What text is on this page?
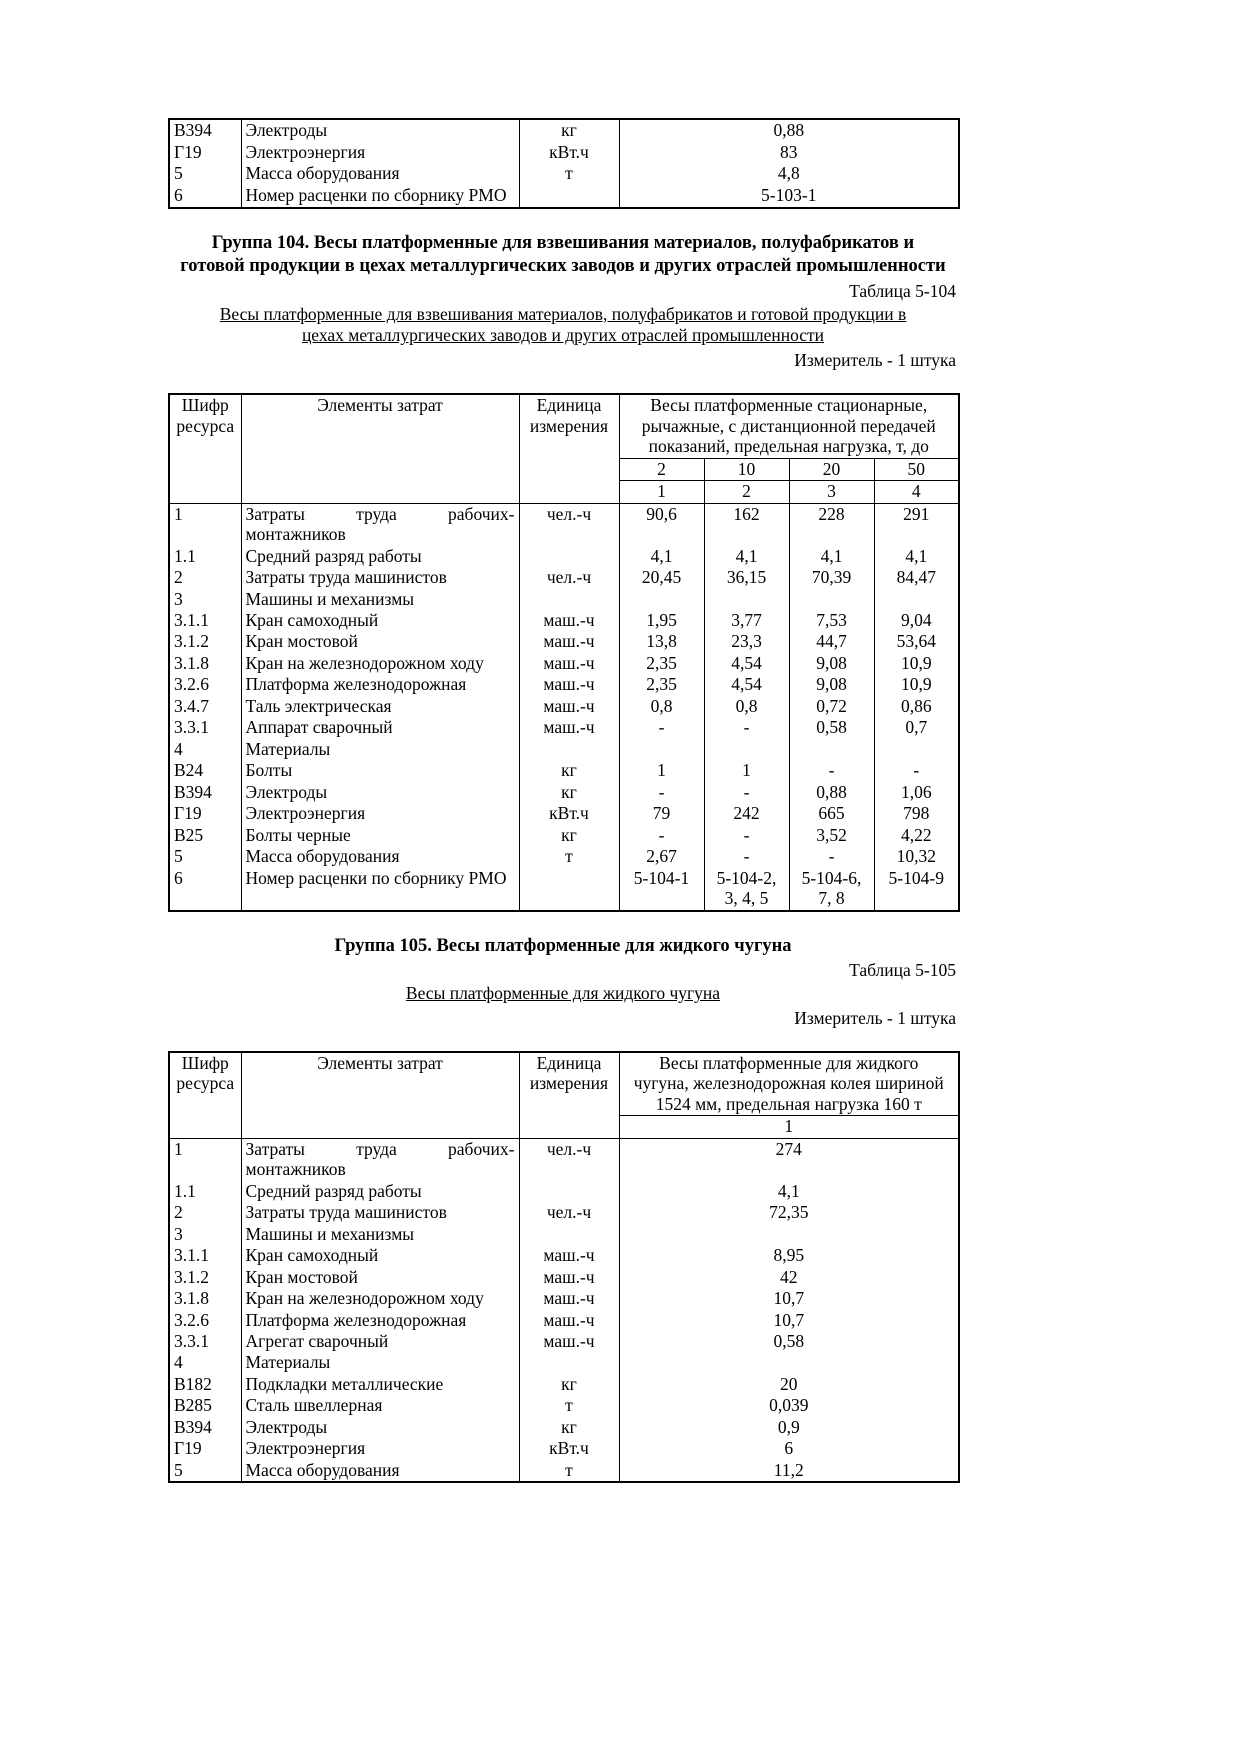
В394	Электроды	кг	0,88
Г19	Электроэнергия	кВт.ч	83
5	Масса оборудования	т	4,8
6	Номер расценки по сборнику РМО		5-103-1
Группа 104. Весы платформенные для взвешивания материалов, полуфабрикатов и
готовой продукции в цехах металлургических заводов и других отраслей промышленности
Таблица 5-104
Весы платформенные для взвешивания материалов, полуфабрикатов и готовой продукции в
цехах металлургических заводов и других отраслей промышленности
Измеритель - 1 штука
Шифр ресурса	Элементы затрат	Единица измерения	Весы платформенные стационарные,
рычажные, с дистанционной передачей
показаний, предельная нагрузка, т, до			
			2	10	20	50
			1	2	3	4
1	Затраты труда рабочих-монтажников	чел.-ч	90,6	162	228	291
1.1	Средний разряд работы		4,1	4,1	4,1	4,1
2	Затраты труда машинистов	чел.-ч	20,45	36,15	70,39	84,47
3	Машины и механизмы					
3.1.1	Кран самоходный	маш.-ч	1,95	3,77	7,53	9,04
3.1.2	Кран мостовой	маш.-ч	13,8	23,3	44,7	53,64
3.1.8	Кран на железнодорожном ходу	маш.-ч	2,35	4,54	9,08	10,9
3.2.6	Платформа железнодорожная	маш.-ч	2,35	4,54	9,08	10,9
3.4.7	Таль электрическая	маш.-ч	0,8	0,8	0,72	0,86
3.3.1	Аппарат сварочный	маш.-ч	-	-	0,58	0,7
4	Материалы					
В24	Болты	кг	1	1	-	-
В394	Электроды	кг	-	-	0,88	1,06
Г19	Электроэнергия	кВт.ч	79	242	665	798
В25	Болты черные	кг	-	-	3,52	4,22
5	Масса оборудования	т	2,67	-	-	10,32
6	Номер расценки по сборнику РМО		5-104-1	5-104-2, 3, 4, 5	5-104-6, 7, 8	5-104-9
Группа 105. Весы платформенные для жидкого чугуна
Таблица 5-105
Весы платформенные для жидкого чугуна
Измеритель - 1 штука
Шифр ресурса	Элементы затрат	Единица измерения	Весы платформенные для жидкого
чугуна, железнодорожная колея шириной
1524 мм, предельная нагрузка 160 т
			1
1	Затраты труда рабочих-монтажников	чел.-ч	274
1.1	Средний разряд работы		4,1
2	Затраты труда машинистов	чел.-ч	72,35
3	Машины и механизмы		
3.1.1	Кран самоходный	маш.-ч	8,95
3.1.2	Кран мостовой	маш.-ч	42
3.1.8	Кран на железнодорожном ходу	маш.-ч	10,7
3.2.6	Платформа железнодорожная	маш.-ч	10,7
3.3.1	Агрегат сварочный	маш.-ч	0,58
4	Материалы		
В182	Подкладки металлические	кг	20
В285	Сталь швеллерная	т	0,039
В394	Электроды	кг	0,9
Г19	Электроэнергия	кВт.ч	6
5	Масса оборудования	т	11,2
